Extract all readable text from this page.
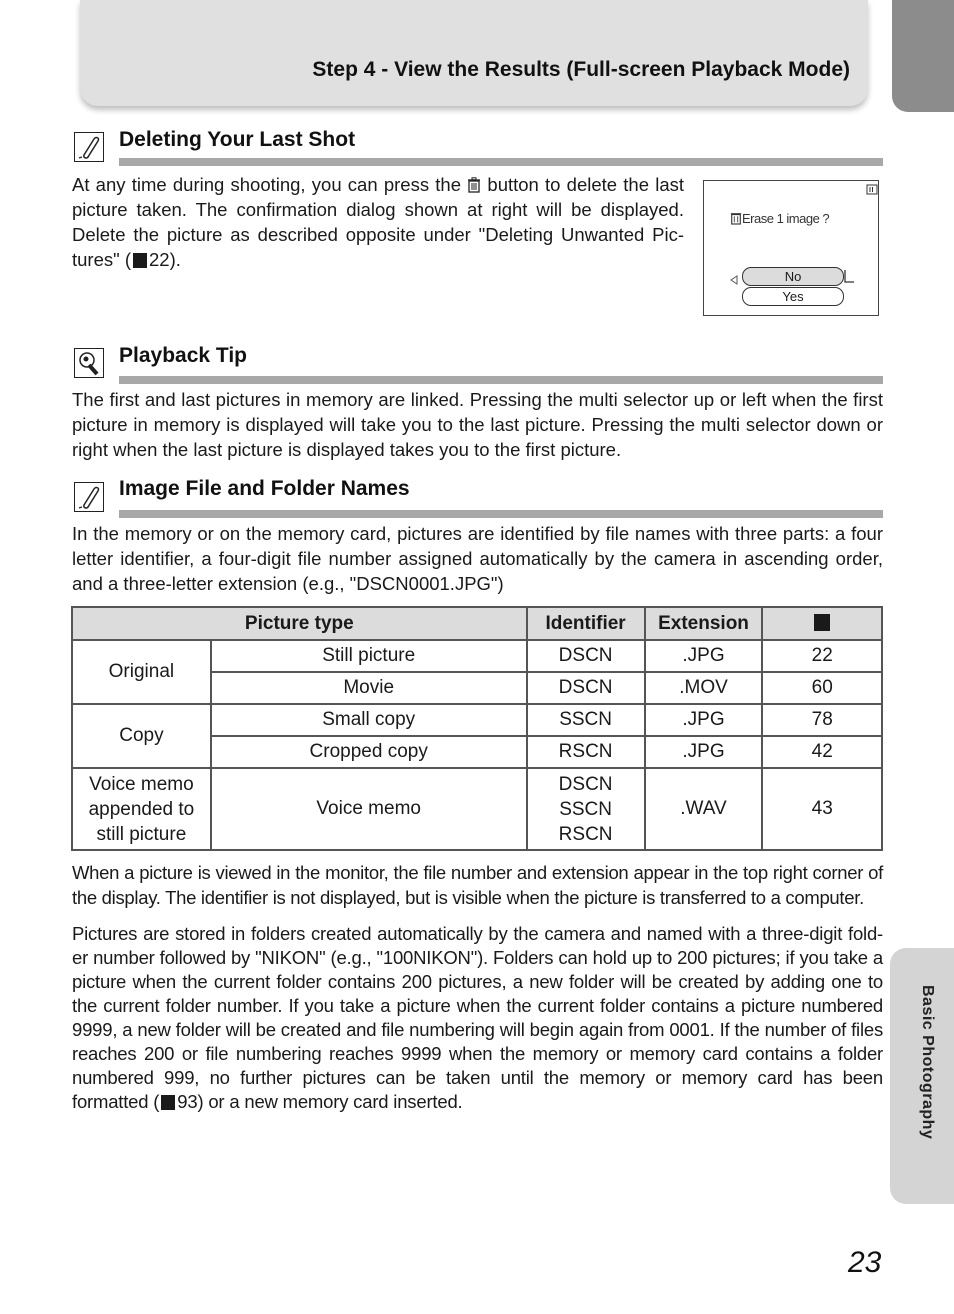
Step 4 - View the Results (Full-screen Playback Mode)
Basic Photography
Deleting Your Last Shot
At any time during shooting, you can press the button to delete the last picture taken. The confirmation dialog shown at right will be displayed. Delete the picture as described opposite under "Deleting Unwanted Pic-tures" ( 22).
Erase 1 image ?
No
Yes
Playback Tip
The first and last pictures in memory are linked. Pressing the multi selector up or left when the first picture in memory is displayed will take you to the last picture. Pressing the multi selector down or right when the last picture is displayed takes you to the first picture.
Image File and Folder Names
In the memory or on the memory card, pictures are identified by file names with three parts: a four letter identifier, a four-digit file number assigned automatically by the camera in ascending order, and a three-letter extension (e.g., "DSCN0001.JPG")
Picture type		Identifier	Extension	
Original	Still picture	DSCN	.JPG	22
	Movie	DSCN	.MOV	60
Copy	Small copy	SSCN	.JPG	78
	Cropped copy	RSCN	.JPG	42
Voice memo appended to still picture	Voice memo	DSCN SSCN RSCN	.WAV	43
When a picture is viewed in the monitor, the file number and extension appear in the top right corner of the display. The identifier is not displayed, but is visible when the picture is transferred to a computer.
Pictures are stored in folders created automatically by the camera and named with a three-digit fold-er number followed by "NIKON" (e.g., "100NIKON"). Folders can hold up to 200 pictures; if you take a picture when the current folder contains 200 pictures, a new folder will be created by adding one to the current folder number. If you take a picture when the current folder contains a picture numbered 9999, a new folder will be created and file numbering will begin again from 0001. If the number of files reaches 200 or file numbering reaches 9999 when the memory or memory card contains a folder numbered 999, no further pictures can be taken until the memory or memory card has been formatted ( 93) or a new memory card inserted.
23
